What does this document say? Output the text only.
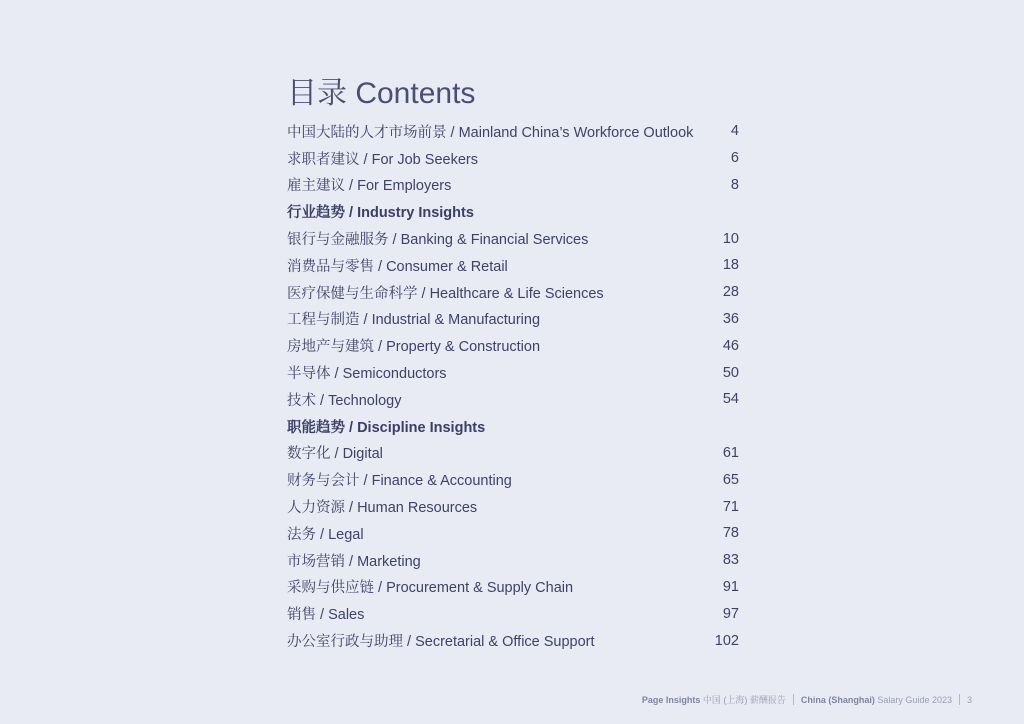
目录 Contents
中国大陆的人才市场前景 / Mainland China’s Workforce Outlook	4
求职者建议 / For Job Seekers	6
雇主建议 / For Employers	8
行业趋势 / Industry Insights
银行与金融服务 / Banking & Financial Services	10
消费品与零售 / Consumer & Retail	18
医疗保健与生命科学 / Healthcare & Life Sciences	28
工程与制造 / Industrial & Manufacturing	36
房地产与建筑 / Property & Construction	46
半导体 / Semiconductors	50
技术 / Technology	54
职能趋势 / Discipline Insights
数字化 / Digital	61
财务与会计 / Finance & Accounting	65
人力资源 / Human Resources	71
法务 / Legal	78
市场营销 / Marketing	83
采购与供应链 / Procurement & Supply Chain	91
销售 / Sales	97
办公室行政与助理 / Secretarial & Office Support	102
Page Insights
中国 (上海) 薪酬报告 China (Shanghai)
Salary Guide 2023 3
